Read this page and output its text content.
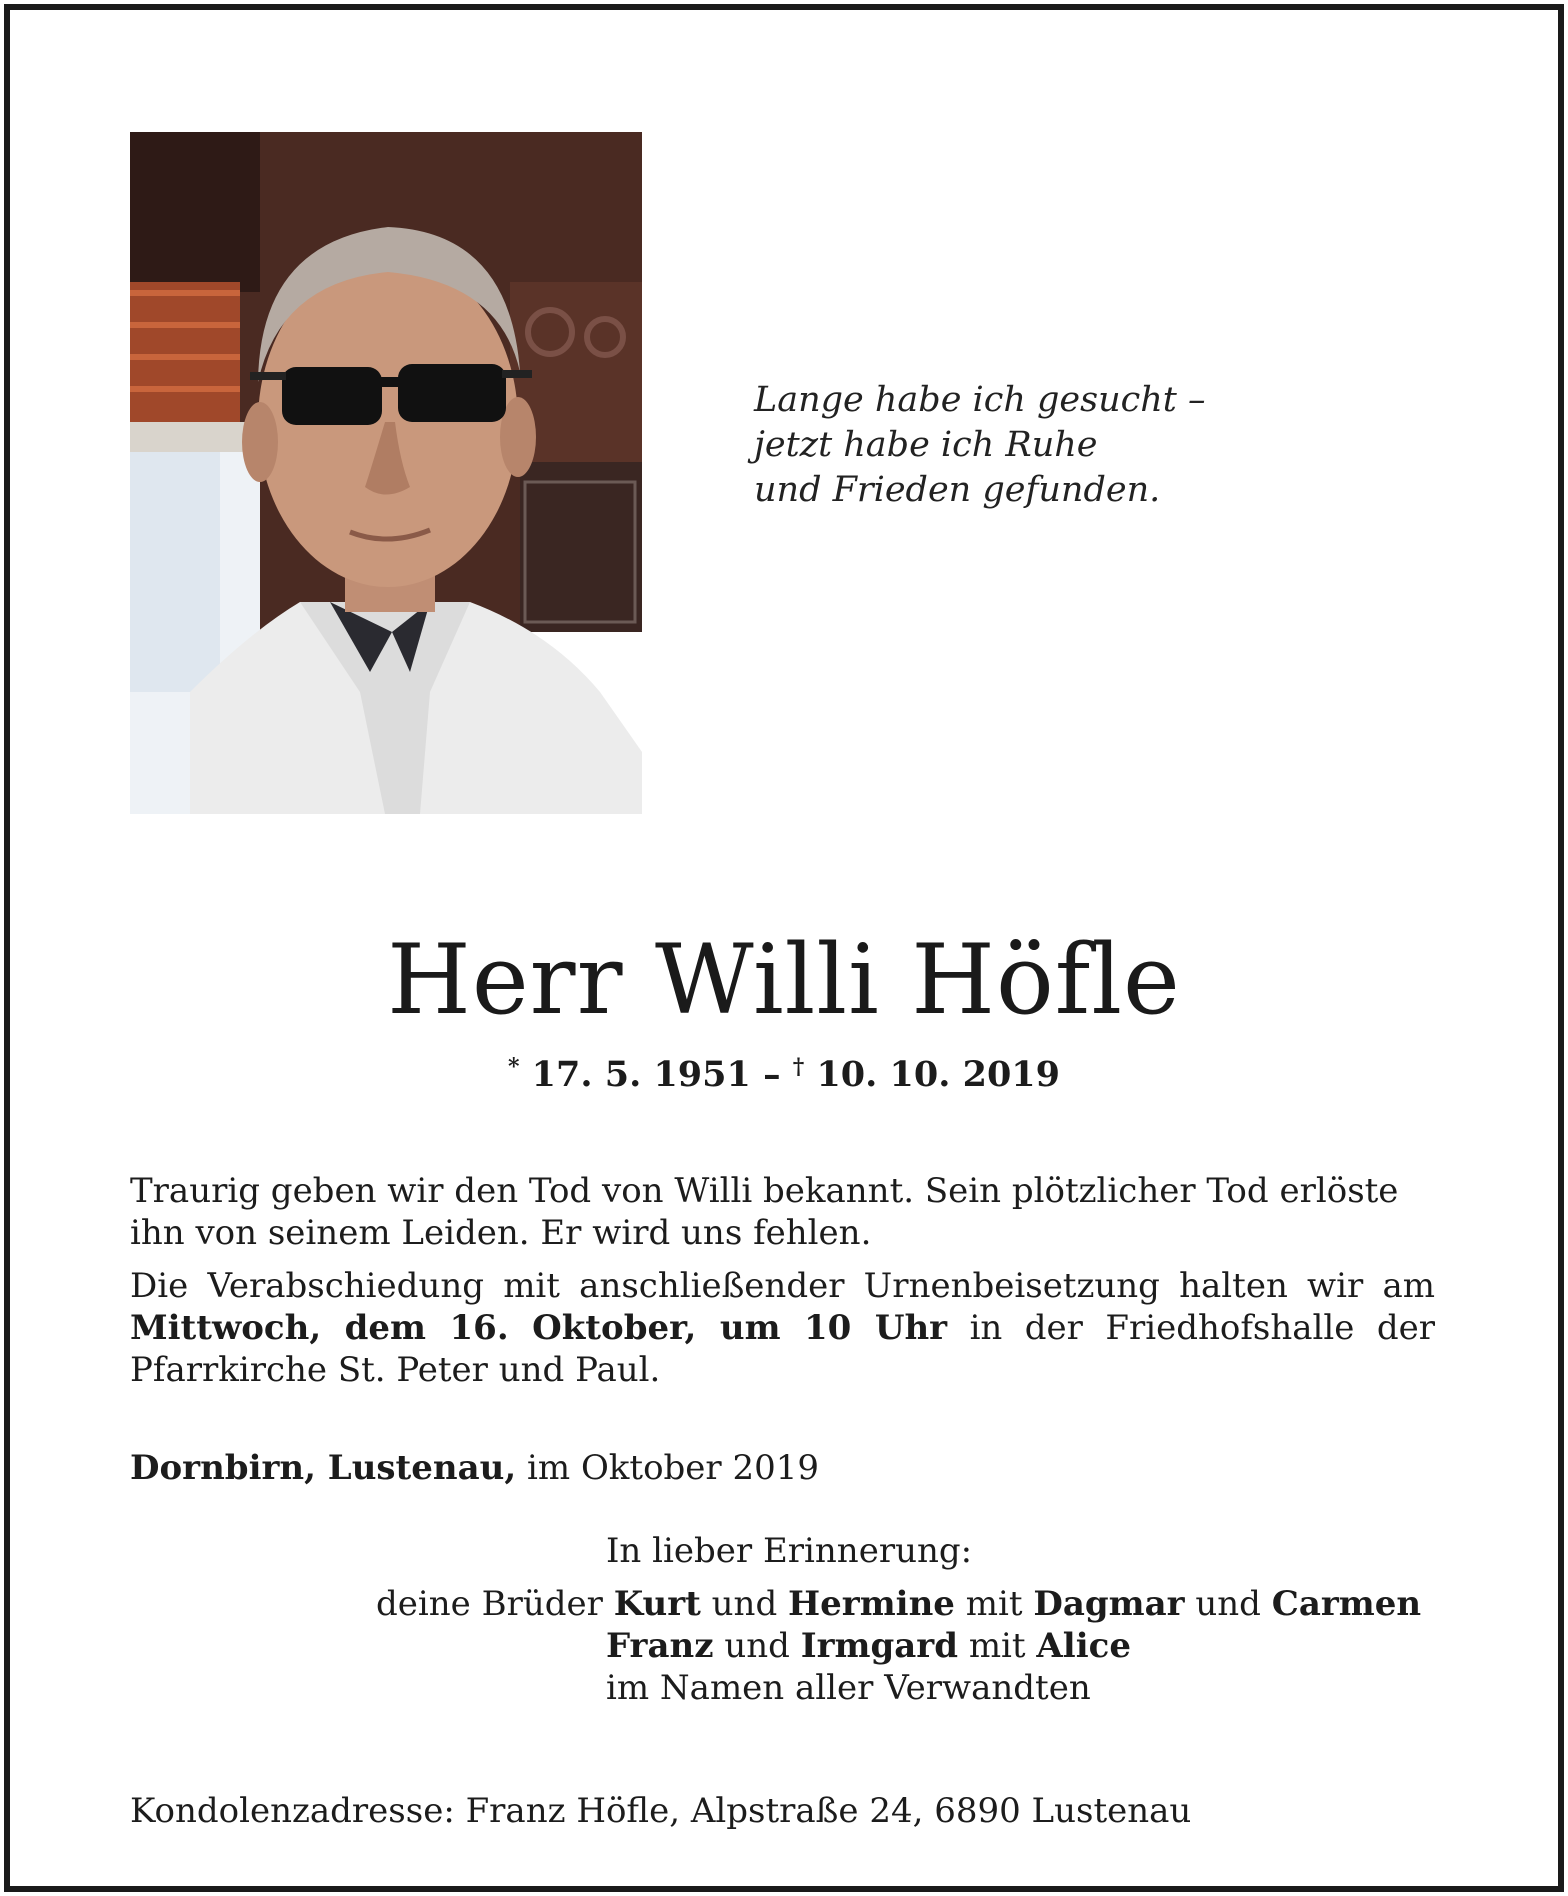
Lange habe ich gesucht –
jetzt habe ich Ruhe
und Frieden gefunden.
Herr Willi Höfle
* 17. 5. 1951 – † 10. 10. 2019
Traurig geben wir den Tod von Willi bekannt. Sein plötzlicher Tod erlöste ihn von seinem Leiden. Er wird uns fehlen.
Die Verabschiedung mit anschließender Urnenbeisetzung halten wir am Mittwoch, dem 16. Oktober, um 10 Uhr in der Friedhofshalle der Pfarrkirche St. Peter und Paul.
Dornbirn, Lustenau, im Oktober 2019
In lieber Erinnerung:
deine Brüder Kurt und Hermine mit Dagmar und Carmen
Franz und Irmgard mit Alice
im Namen aller Verwandten
Kondolenzadresse: Franz Höfle, Alpstraße 24, 6890 Lustenau
